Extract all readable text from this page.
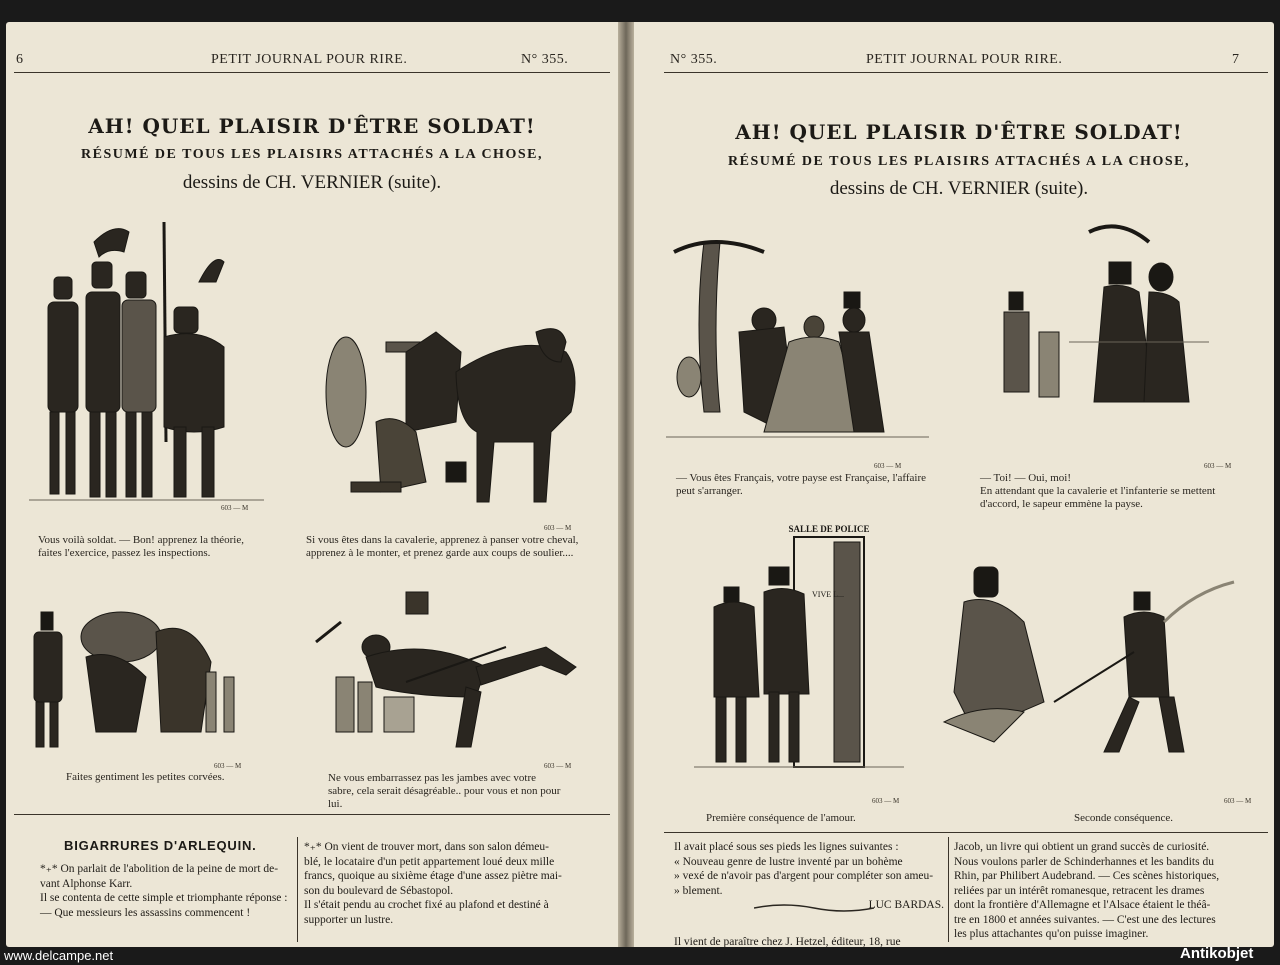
6	PETIT JOURNAL POUR RIRE.	N° 355.
AH! QUEL PLAISIR D'ÊTRE SOLDAT!
RÉSUMÉ DE TOUS LES PLAISIRS ATTACHÉS A LA CHOSE,
dessins de CH. VERNIER (suite).
603 — M
Vous voilà soldat. — Bon! apprenez la théorie,
faites l'exercice, passez les inspections.
603 — M
Si vous êtes dans la cavalerie, apprenez à panser votre cheval,
apprenez à le monter, et prenez garde aux coups de soulier....
603 — M
Faites gentiment les petites corvées.
603 — M
Ne vous embarrassez pas les jambes avec votre
sabre, cela serait désagréable.. pour vous et non pour
lui.
BIGARRURES D'ARLEQUIN.

*₊* On parlait de l'abolition de la peine de mort de-

vant Alphonse Karr.

Il se contenta de cette simple et triomphante réponse :

— Que messieurs les assassins commencent !

*₊* On vient de trouver mort, dans son salon démeu-

blé, le locataire d'un petit appartement loué deux mille

francs, quoique au sixième étage d'une assez piètre mai-

son du boulevard de Sébastopol.

Il s'était pendu au crochet fixé au plafond et destiné à

supporter un lustre.

N° 355.	PETIT JOURNAL POUR RIRE.	7
AH! QUEL PLAISIR D'ÊTRE SOLDAT!
RÉSUMÉ DE TOUS LES PLAISIRS ATTACHÉS A LA CHOSE,
dessins de CH. VERNIER (suite).
603 — M
— Vous êtes Français, votre payse est Française, l'affaire
peut s'arranger.
603 — M
— Toi! — Oui, moi!
En attendant que la cavalerie et l'infanterie se mettent
d'accord, le sapeur emmène la payse.
SALLE DE POLICE
VIVE L...
603 — M
Première conséquence de l'amour.
603 — M
Seconde conséquence.

Il avait placé sous ses pieds les lignes suivantes :

« Nouveau genre de lustre inventé par un bohème

» vexé de n'avoir pas d'argent pour compléter son ameu-

» blement.

LUC BARDAS.

Il vient de paraître chez J. Hetzel, éditeur, 18, rue

Jacob, un livre qui obtient un grand succès de curiosité.

Nous voulons parler de Schinderhannes et les bandits du

Rhin, par Philibert Audebrand. — Ces scènes historiques,

reliées par un intérêt romanesque, retracent les drames

dont la frontière d'Allemagne et l'Alsace étaient le théâ-

tre en 1800 et années suivantes. — C'est une des lectures

les plus attachantes qu'on puisse imaginer.

www.delcampe.net	Antikobjet
